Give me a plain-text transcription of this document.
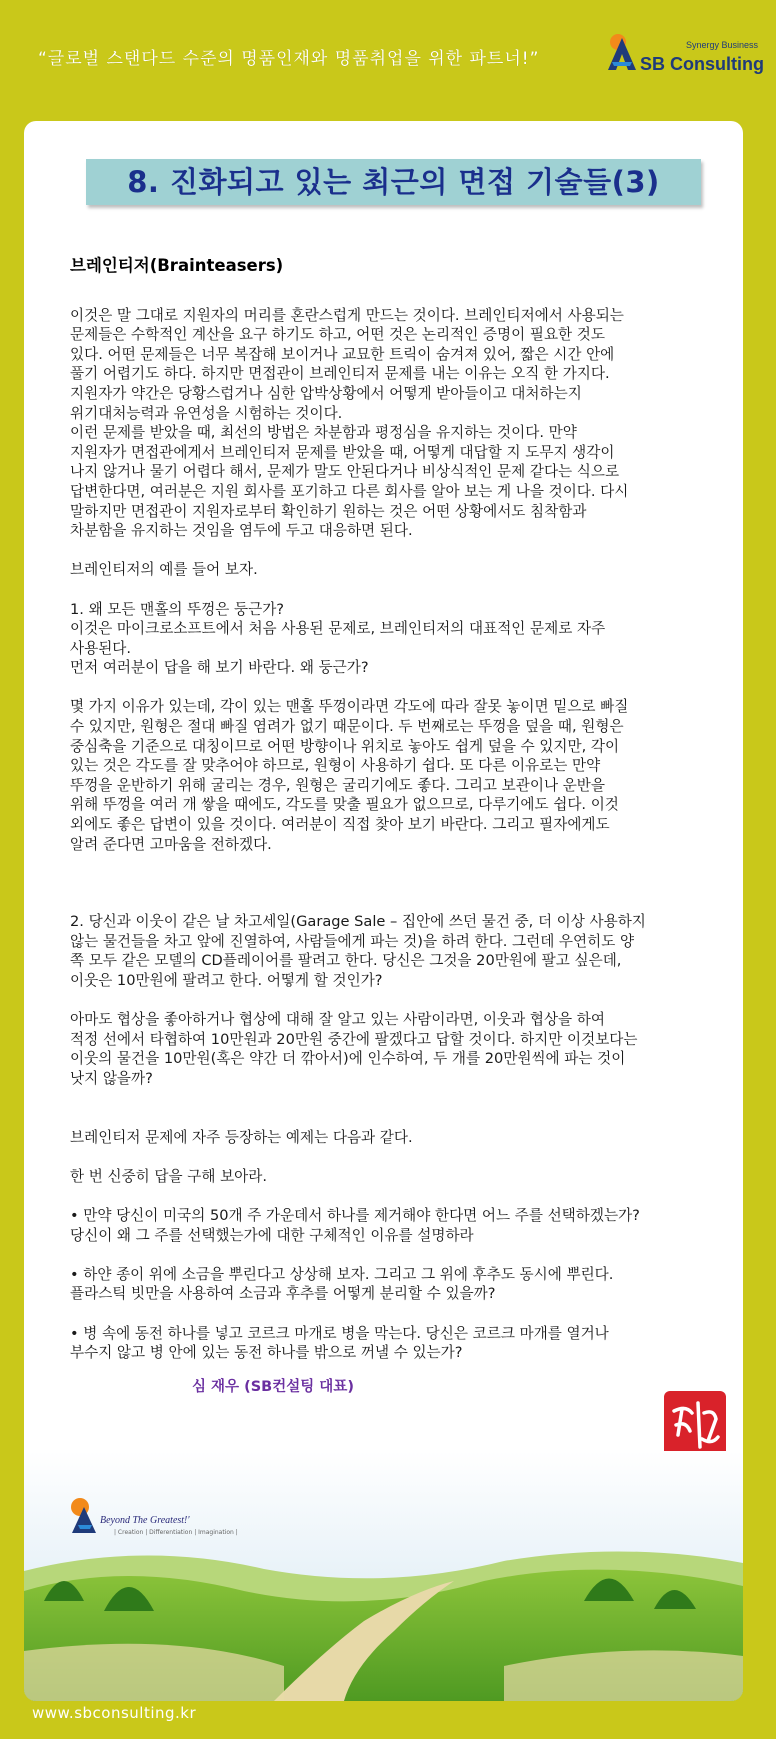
“글로벌 스탠다드 수준의 명품인재와 명품취업을 위한 파트너!”
Synergy Business
SB Consulting
8. 진화되고 있는 최근의 면접 기술들(3)

브레인티저(Brainteasers)

이것은 말 그대로 지원자의 머리를 혼란스럽게 만드는 것이다. 브레인티저에서 사용되는

문제들은 수학적인 계산을 요구 하기도 하고, 어떤 것은 논리적인 증명이 필요한 것도

있다. 어떤 문제들은 너무 복잡해 보이거나 교묘한 트릭이 숨겨져 있어, 짧은 시간 안에

풀기 어렵기도 하다. 하지만 면접관이 브레인티저 문제를 내는 이유는 오직 한 가지다.

지원자가 약간은 당황스럽거나 심한 압박상황에서 어떻게 받아들이고 대처하는지

위기대처능력과 유연성을 시험하는 것이다.

이런 문제를 받았을 때, 최선의 방법은 차분함과 평정심을 유지하는 것이다. 만약

지원자가 면접관에게서 브레인티저 문제를 받았을 때, 어떻게 대답할 지 도무지 생각이

나지 않거나 물기 어렵다 해서, 문제가 말도 안된다거나 비상식적인 문제 같다는 식으로

답변한다면, 여러분은 지원 회사를 포기하고 다른 회사를 알아 보는 게 나을 것이다. 다시

말하지만 면접관이 지원자로부터 확인하기 원하는 것은 어떤 상황에서도 침착함과

차분함을 유지하는 것임을 염두에 두고 대응하면 된다.

브레인티저의 예를 들어 보자.

1. 왜 모든 맨홀의 뚜껑은 둥근가?

이것은 마이크로소프트에서 처음 사용된 문제로, 브레인티저의 대표적인 문제로 자주

사용된다.

먼저 여러분이 답을 해 보기 바란다. 왜 둥근가?

몇 가지 이유가 있는데, 각이 있는 맨홀 뚜껑이라면 각도에 따라 잘못 놓이면 밑으로 빠질

수 있지만, 원형은 절대 빠질 염려가 없기 때문이다. 두 번째로는 뚜껑을 덮을 때, 원형은

중심축을 기준으로 대칭이므로 어떤 방향이나 위치로 놓아도 쉽게 덮을 수 있지만, 각이

있는 것은 각도를 잘 맞추어야 하므로, 원형이 사용하기 쉽다. 또 다른 이유로는 만약

뚜껑을 운반하기 위해 굴리는 경우, 원형은 굴리기에도 좋다. 그리고 보관이나 운반을

위해 뚜껑을 여러 개 쌓을 때에도, 각도를 맞출 필요가 없으므로, 다루기에도 쉽다. 이것

외에도 좋은 답변이 있을 것이다. 여러분이 직접 찾아 보기 바란다. 그리고 필자에게도

알려 준다면 고마움을 전하겠다.

2. 당신과 이웃이 같은 날 차고세일(Garage Sale – 집안에 쓰던 물건 중, 더 이상 사용하지

않는 물건들을 차고 앞에 진열하여, 사람들에게 파는 것)을 하려 한다. 그런데 우연히도 양

쪽 모두 같은 모델의 CD플레이어를 팔려고 한다. 당신은 그것을 20만원에 팔고 싶은데,

이웃은 10만원에 팔려고 한다. 어떻게 할 것인가?

아마도 협상을 좋아하거나 협상에 대해 잘 알고 있는 사람이라면, 이웃과 협상을 하여

적정 선에서 타협하여 10만원과 20만원 중간에 팔겠다고 답할 것이다. 하지만 이것보다는

이웃의 물건을 10만원(혹은 약간 더 깎아서)에 인수하여, 두 개를 20만원씩에 파는 것이

낫지 않을까?

브레인티저 문제에 자주 등장하는 예제는 다음과 같다.

한 번 신중히 답을 구해 보아라.

• 만약 당신이 미국의 50개 주 가운데서 하나를 제거해야 한다면 어느 주를 선택하겠는가?

당신이 왜 그 주를 선택했는가에 대한 구체적인 이유를 설명하라

• 하얀 종이 위에 소금을 뿌린다고 상상해 보자. 그리고 그 위에 후추도 동시에 뿌린다.

플라스틱 빗만을 사용하여 소금과 후추를 어떻게 분리할 수 있을까?

• 병 속에 동전 하나를 넣고 코르크 마개로 병을 막는다. 당신은 코르크 마개를 열거나

부수지 않고 병 안에 있는 동전 하나를 밖으로 꺼낼 수 있는가?

심 재우 (SB컨설팅 대표)
Beyond The Greatest!'
| Creation | Differentiation | Imagination |
www.sbconsulting.kr
